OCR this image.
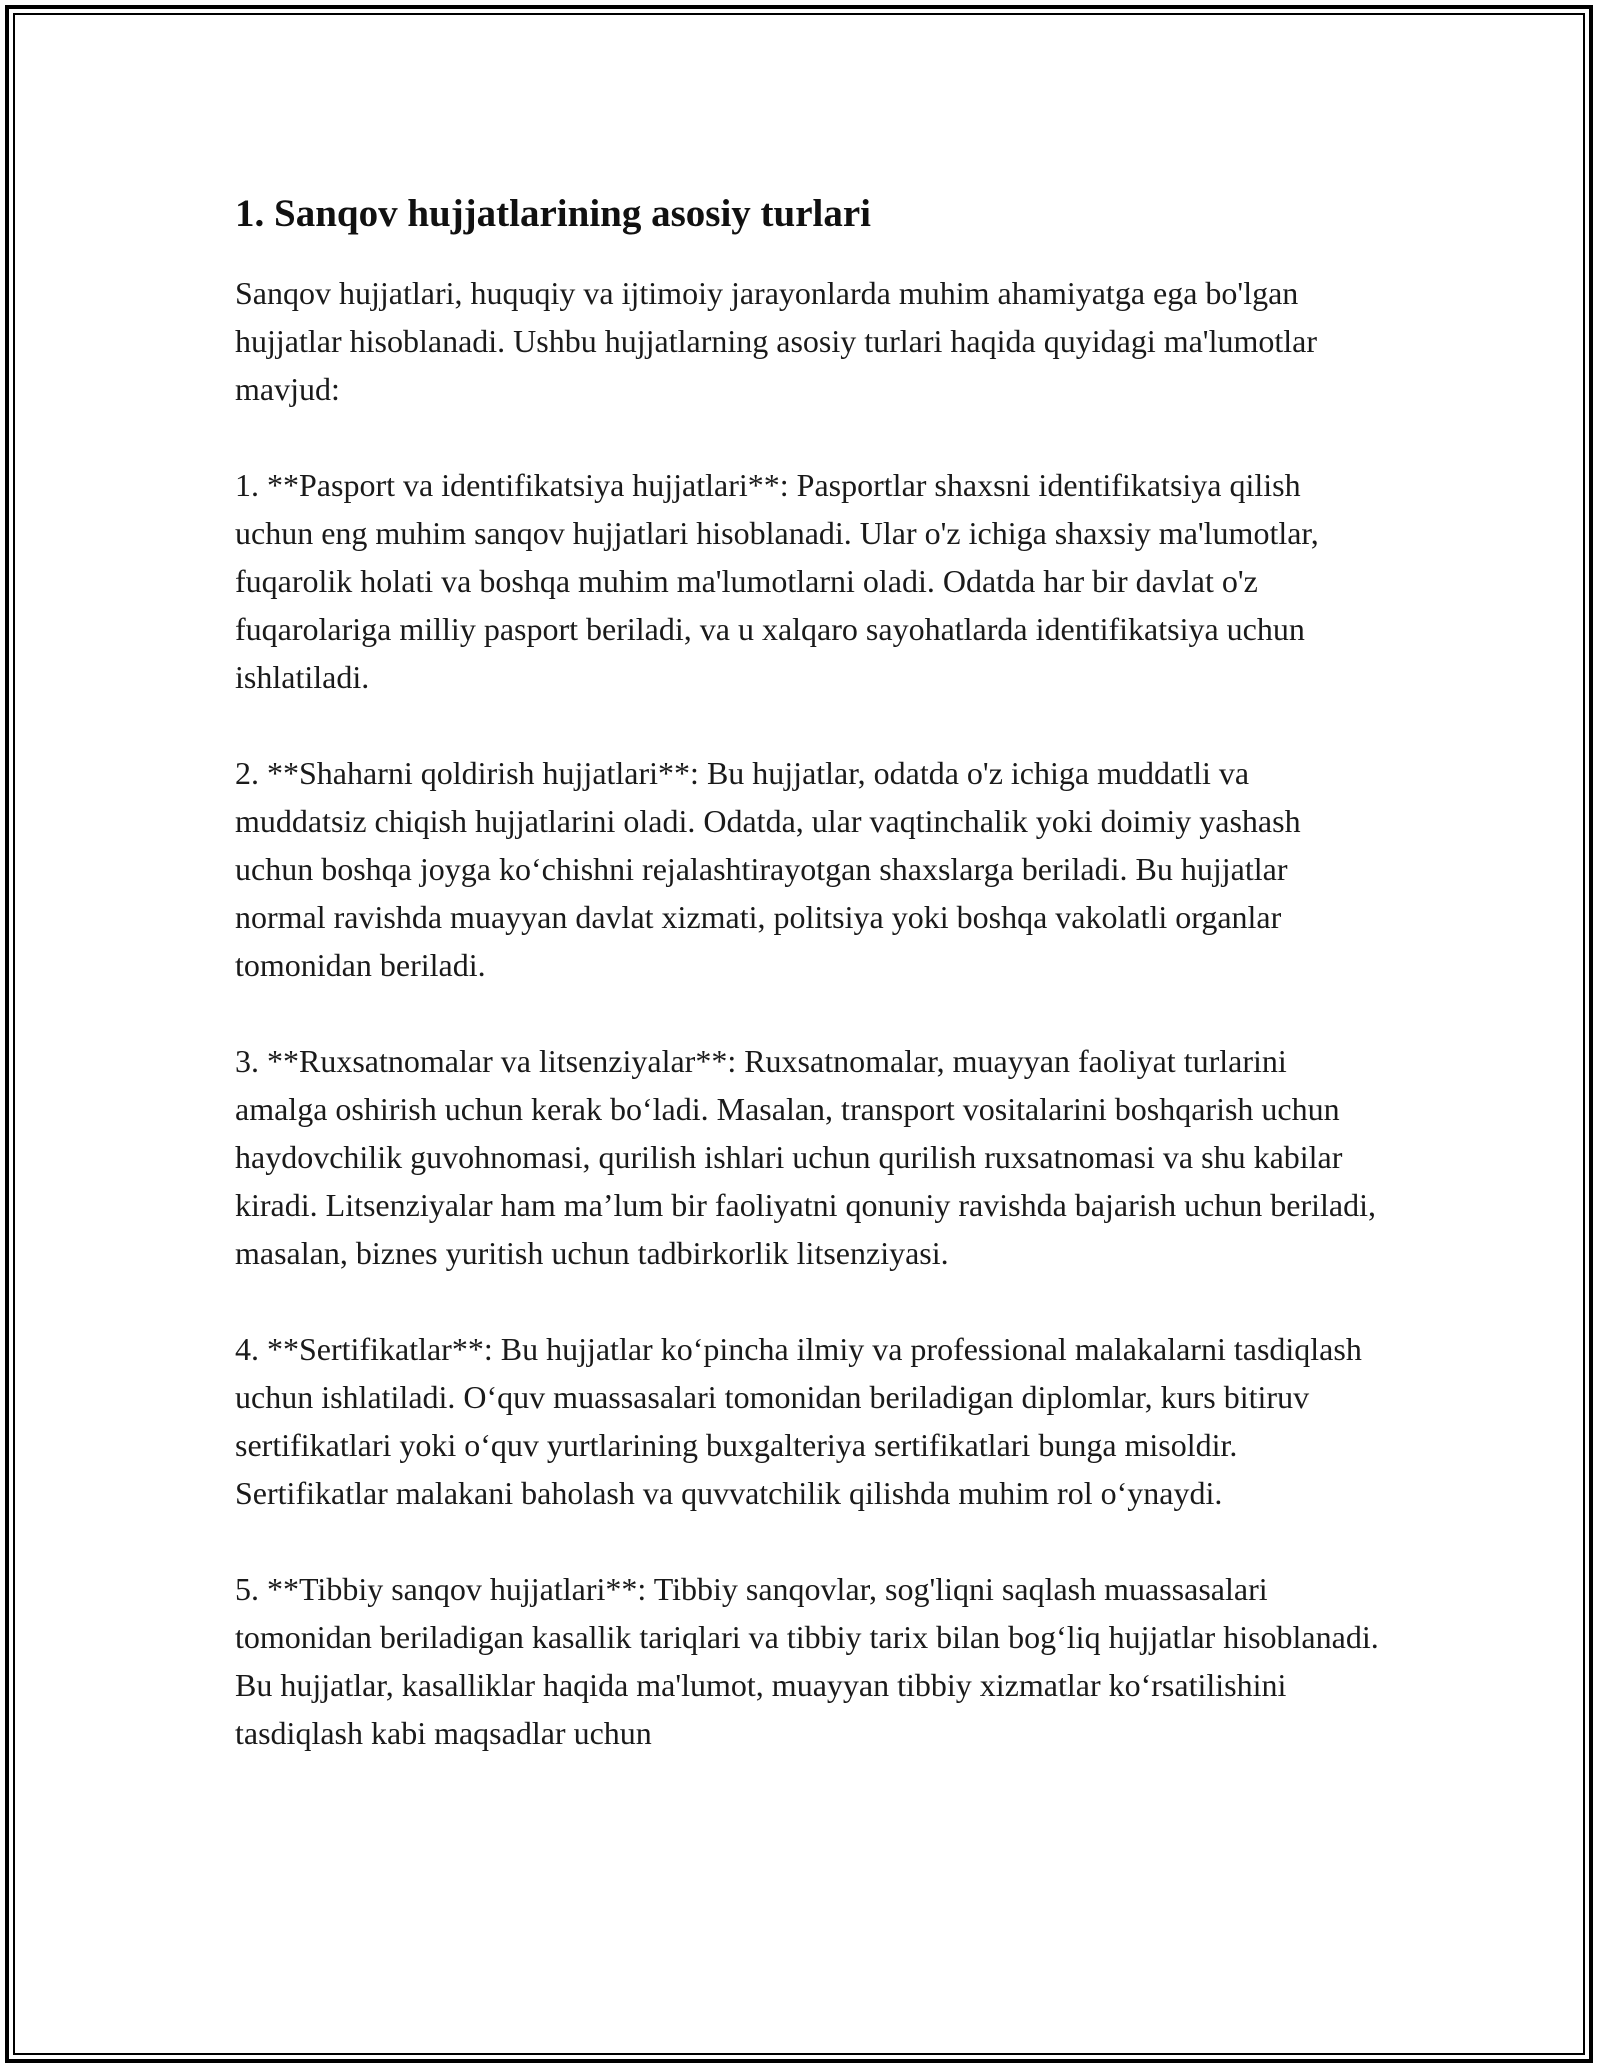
1. Sanqov hujjatlarining asosiy turlari

Sanqov hujjatlari, huquqiy va ijtimoiy jarayonlarda muhim ahamiyatga ega bo'lgan hujjatlar hisoblanadi. Ushbu hujjatlarning asosiy turlari haqida quyidagi ma'lumotlar mavjud:

1. **Pasport va identifikatsiya hujjatlari**: Pasportlar shaxsni identifikatsiya qilish uchun eng muhim sanqov hujjatlari hisoblanadi. Ular o'z ichiga shaxsiy ma'lumotlar, fuqarolik holati va boshqa muhim ma'lumotlarni oladi. Odatda har bir davlat o'z fuqarolariga milliy pasport beriladi, va u xalqaro sayohatlarda identifikatsiya uchun ishlatiladi.

2. **Shaharni qoldirish hujjatlari**: Bu hujjatlar, odatda o'z ichiga muddatli va muddatsiz chiqish hujjatlarini oladi. Odatda, ular vaqtinchalik yoki doimiy yashash uchun boshqa joyga ko‘chishni rejalashtirayotgan shaxslarga beriladi. Bu hujjatlar normal ravishda muayyan davlat xizmati, politsiya yoki boshqa vakolatli organlar tomonidan beriladi.

3. **Ruxsatnomalar va litsenziyalar**: Ruxsatnomalar, muayyan faoliyat turlarini amalga oshirish uchun kerak bo‘ladi. Masalan, transport vositalarini boshqarish uchun haydovchilik guvohnomasi, qurilish ishlari uchun qurilish ruxsatnomasi va shu kabilar kiradi. Litsenziyalar ham ma’lum bir faoliyatni qonuniy ravishda bajarish uchun beriladi, masalan, biznes yuritish uchun tadbirkorlik litsenziyasi.

4. **Sertifikatlar**: Bu hujjatlar ko‘pincha ilmiy va professional malakalarni tasdiqlash uchun ishlatiladi. O‘quv muassasalari tomonidan beriladigan diplomlar, kurs bitiruv sertifikatlari yoki o‘quv yurtlarining buxgalteriya sertifikatlari bunga misoldir. Sertifikatlar malakani baholash va quvvatchilik qilishda muhim rol o‘ynaydi.

5. **Tibbiy sanqov hujjatlari**: Tibbiy sanqovlar, sog'liqni saqlash muassasalari tomonidan beriladigan kasallik tariqlari va tibbiy tarix bilan bog‘liq hujjatlar hisoblanadi. Bu hujjatlar, kasalliklar haqida ma'lumot, muayyan tibbiy xizmatlar ko‘rsatilishini tasdiqlash kabi maqsadlar uchun
